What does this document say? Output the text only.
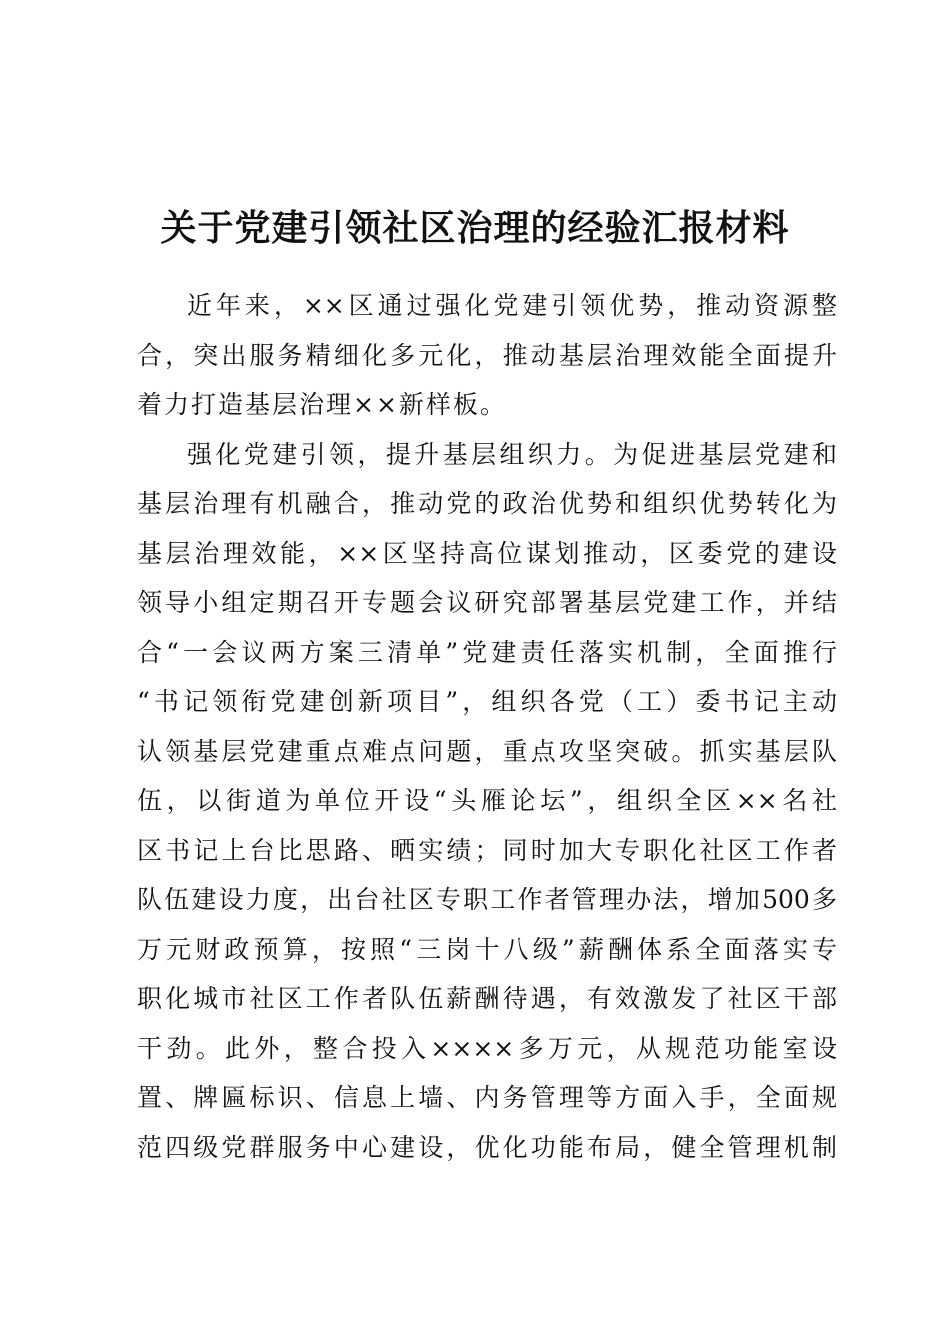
关于党建引领社区治理的经验汇报材料
近年来，××区通过强化党建引领优势，推动资源整
合，突出服务精细化多元化，推动基层治理效能全面提升
着力打造基层治理××新样板。
强化党建引领，提升基层组织力。为促进基层党建和
基层治理有机融合，推动党的政治优势和组织优势转化为
基层治理效能，××区坚持高位谋划推动，区委党的建设
领导小组定期召开专题会议研究部署基层党建工作，并结
合“一会议两方案三清单”党建责任落实机制，全面推行
“书记领衔党建创新项目”，组织各党（工）委书记主动
认领基层党建重点难点问题，重点攻坚突破。抓实基层队
伍，以街道为单位开设“头雁论坛”，组织全区××名社
区书记上台比思路、晒实绩；同时加大专职化社区工作者
队伍建设力度，出台社区专职工作者管理办法，增加500多
万元财政预算，按照“三岗十八级”薪酬体系全面落实专
职化城市社区工作者队伍薪酬待遇，有效激发了社区干部
干劲。此外，整合投入××××多万元，从规范功能室设
置、牌匾标识、信息上墙、内务管理等方面入手，全面规
范四级党群服务中心建设，优化功能布局，健全管理机制
